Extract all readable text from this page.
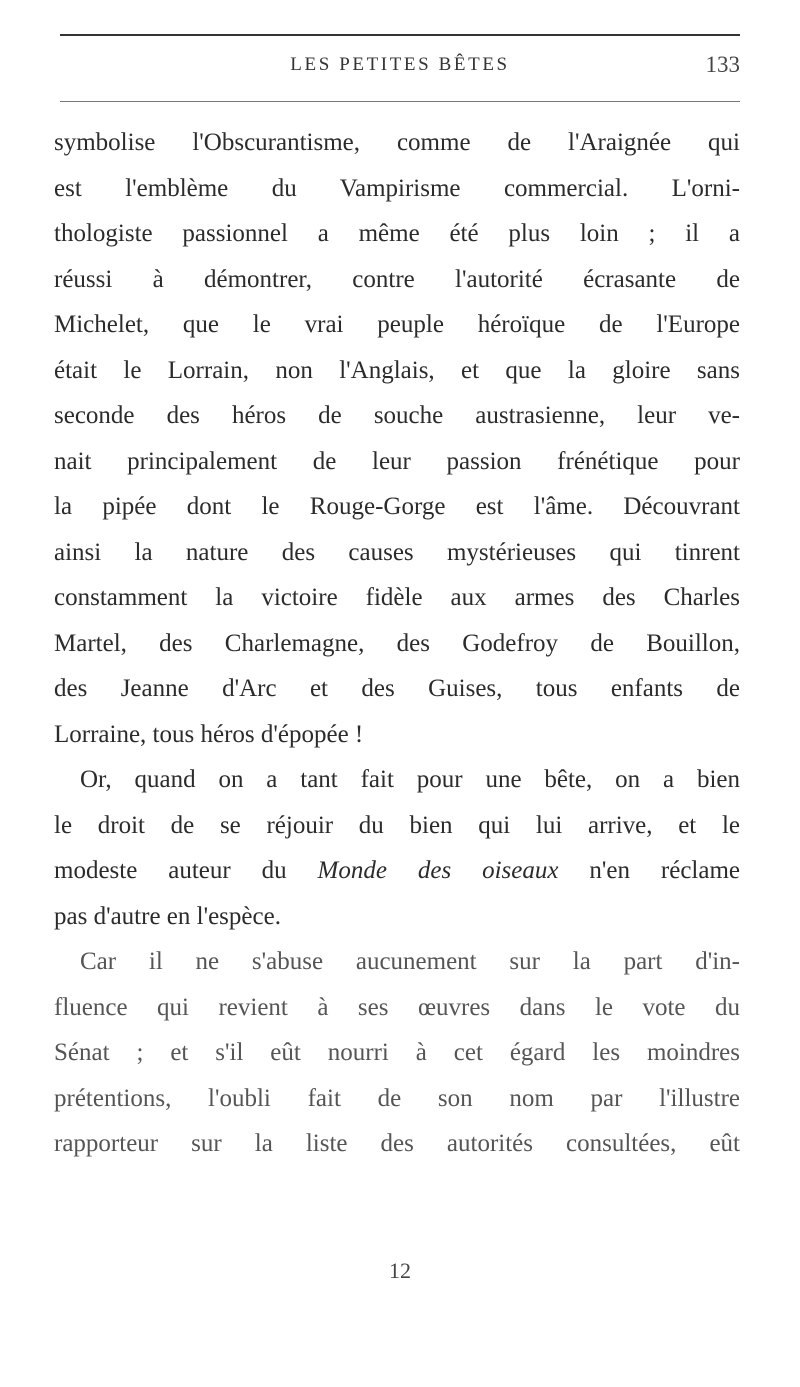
LES PETITES BÊTES	133
symbolise l'Obscurantisme, comme de l'Araignée qui
est l'emblème du Vampirisme commercial. L'orni-
thologiste passionnel a même été plus loin ; il a
réussi à démontrer, contre l'autorité écrasante de
Michelet, que le vrai peuple héroïque de l'Europe
était le Lorrain, non l'Anglais, et que la gloire sans
seconde des héros de souche austrasienne, leur ve-
nait principalement de leur passion frénétique pour
la pipée dont le Rouge-Gorge est l'âme. Découvrant
ainsi la nature des causes mystérieuses qui tinrent
constamment la victoire fidèle aux armes des Charles
Martel, des Charlemagne, des Godefroy de Bouillon,
des Jeanne d'Arc et des Guises, tous enfants de
Lorraine, tous héros d'épopée !
Or, quand on a tant fait pour une bête, on a bien
le droit de se réjouir du bien qui lui arrive, et le
modeste auteur du Monde des oiseaux n'en réclame
pas d'autre en l'espèce.
Car il ne s'abuse aucunement sur la part d'in-
fluence qui revient à ses œuvres dans le vote du
Sénat ; et s'il eût nourri à cet égard les moindres
prétentions, l'oubli fait de son nom par l'illustre
rapporteur sur la liste des autorités consultées, eût
12
